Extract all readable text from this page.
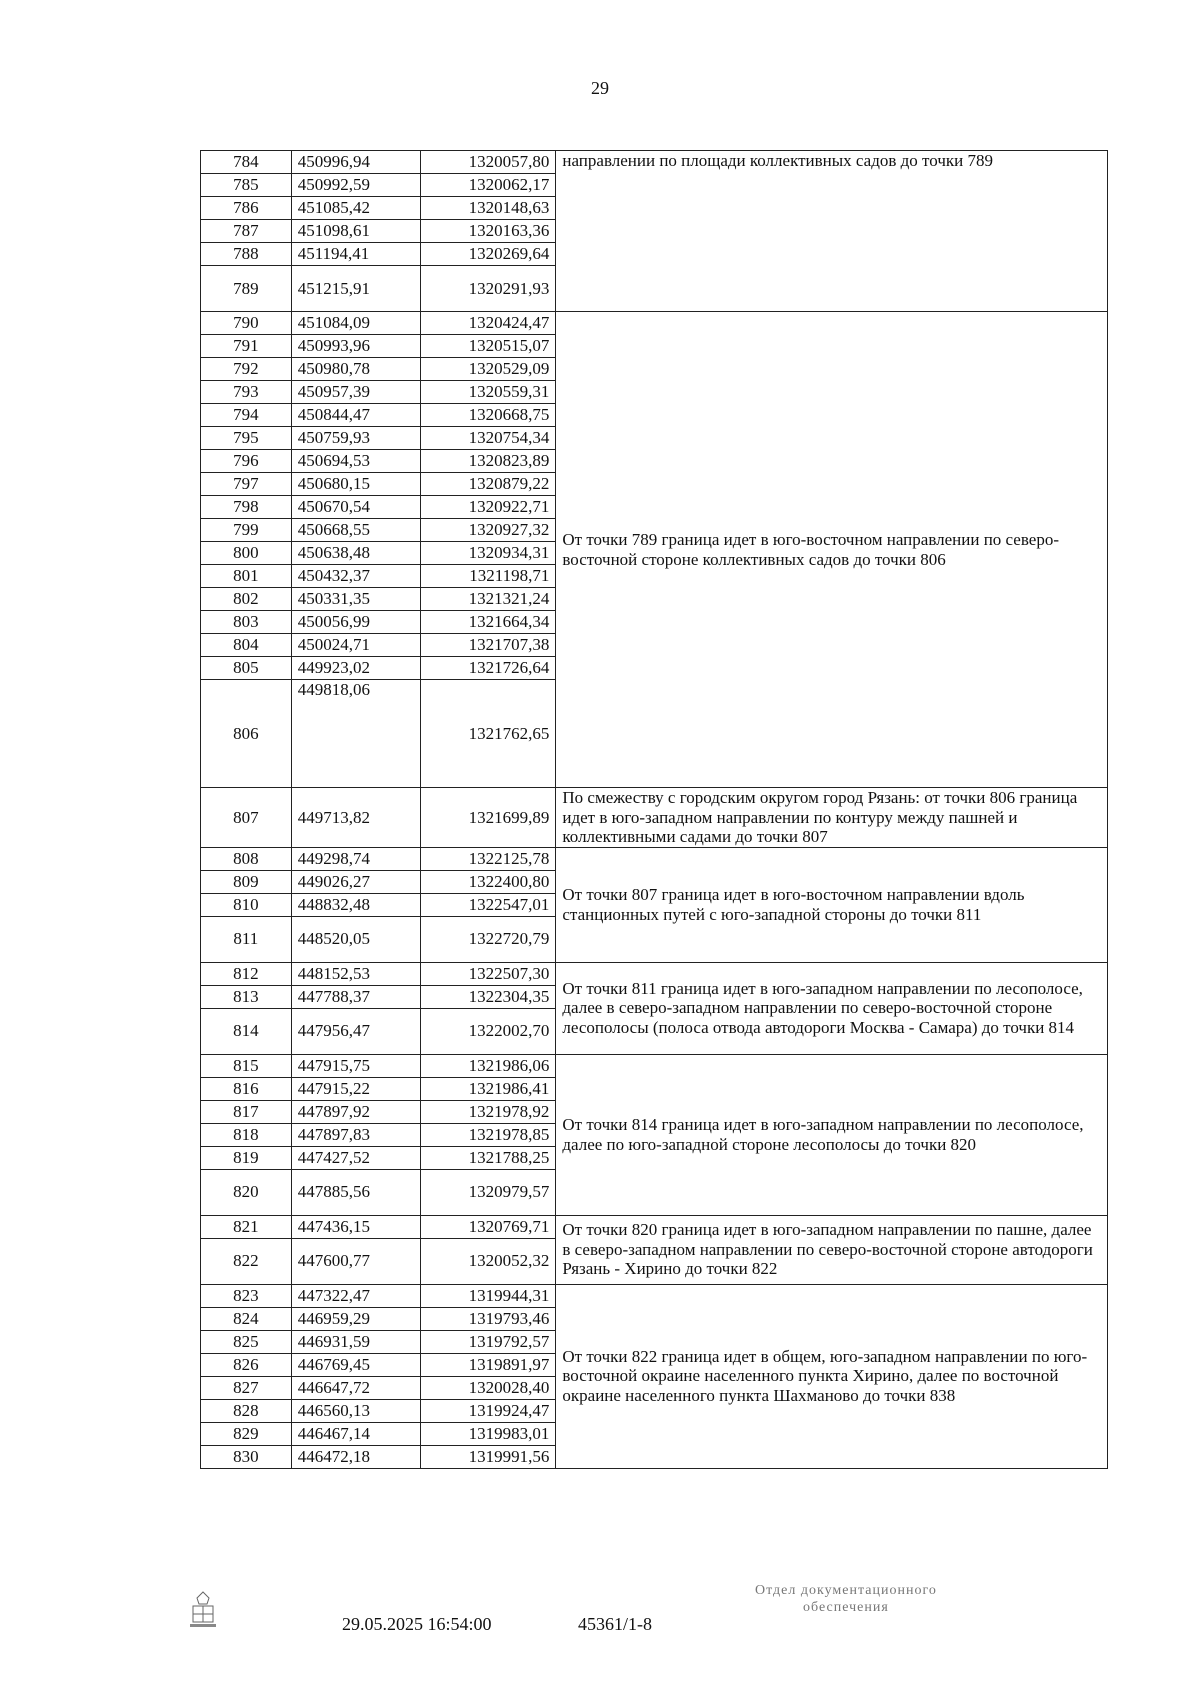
29
784	450996,94	1320057,80	направлении по площади коллективных садов до точки 789
785	450992,59	1320062,17	
786	451085,42	1320148,63	
787	451098,61	1320163,36	
788	451194,41	1320269,64	
789	451215,91	1320291,93	
790	451084,09	1320424,47	От точки 789 граница идет в юго-восточном направлении по северо-восточной стороне коллективных садов до точки 806
791	450993,96	1320515,07	
792	450980,78	1320529,09	
793	450957,39	1320559,31	
794	450844,47	1320668,75	
795	450759,93	1320754,34	
796	450694,53	1320823,89	
797	450680,15	1320879,22	
798	450670,54	1320922,71	
799	450668,55	1320927,32	
800	450638,48	1320934,31	
801	450432,37	1321198,71	
802	450331,35	1321321,24	
803	450056,99	1321664,34	
804	450024,71	1321707,38	
805	449923,02	1321726,64	
806	449818,06	1321762,65	
807	449713,82	1321699,89	По смежеству с городским округом город Рязань: от точки 806 граница идет в юго-западном направлении по контуру между пашней и коллективными садами до точки 807
808	449298,74	1322125,78	От точки 807 граница идет в юго-восточном направлении вдоль станционных путей с юго-западной стороны до точки 811
809	449026,27	1322400,80	
810	448832,48	1322547,01	
811	448520,05	1322720,79	
812	448152,53	1322507,30	От точки 811 граница идет в юго-западном направлении по лесополосе, далее в северо-западном направлении по северо-восточной стороне лесополосы (полоса отвода автодороги Москва - Самара) до точки 814
813	447788,37	1322304,35	
814	447956,47	1322002,70	
815	447915,75	1321986,06	От точки 814 граница идет в юго-западном направлении по лесополосе, далее по юго-западной стороне лесополосы до точки 820
816	447915,22	1321986,41	
817	447897,92	1321978,92	
818	447897,83	1321978,85	
819	447427,52	1321788,25	
820	447885,56	1320979,57	
821	447436,15	1320769,71	От точки 820 граница идет в юго-западном направлении по пашне, далее в северо-западном направлении по северо-восточной стороне автодороги Рязань - Хирино до точки 822
822	447600,77	1320052,32	
823	447322,47	1319944,31	От точки 822 граница идет в общем, юго-западном направлении по юго-восточной окраине населенного пункта Хирино, далее по восточной окраине населенного пункта Шахманово до точки 838
824	446959,29	1319793,46	
825	446931,59	1319792,57	
826	446769,45	1319891,97	
827	446647,72	1320028,40	
828	446560,13	1319924,47	
829	446467,14	1319983,01	
830	446472,18	1319991,56	
29.05.2025 16:54:00	45361/1-8
Отдел документационного
обеспечения
